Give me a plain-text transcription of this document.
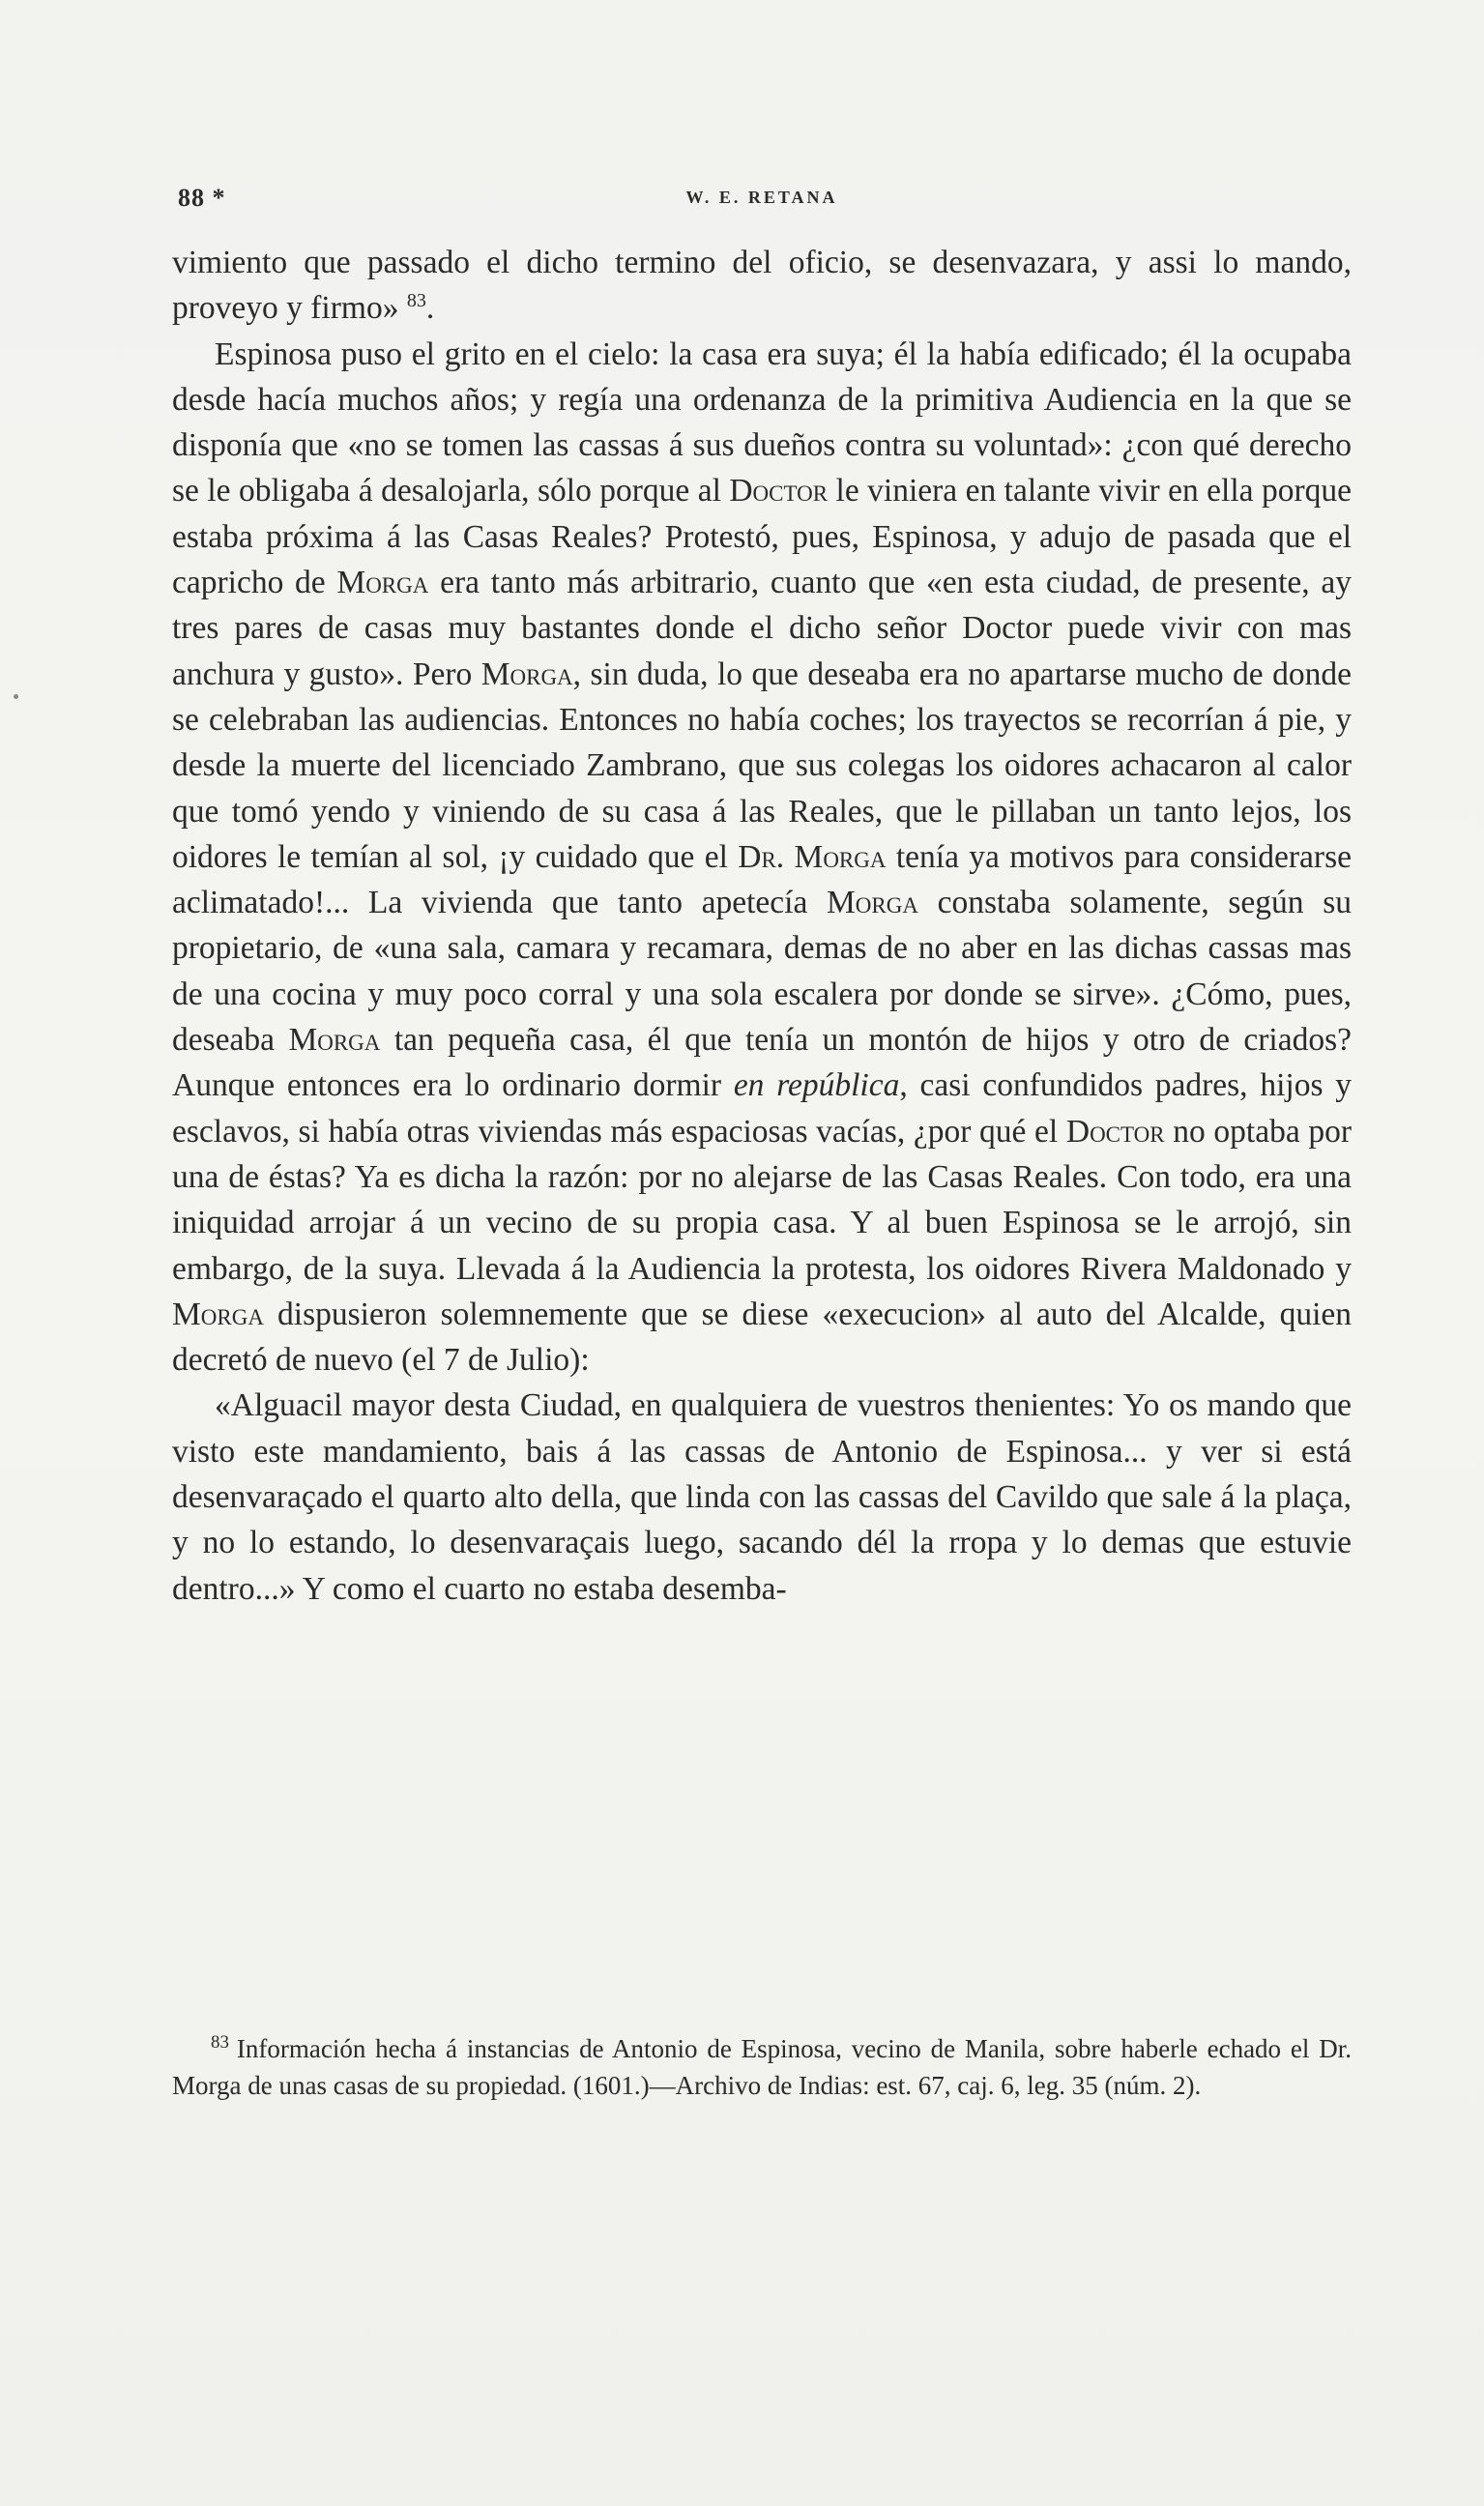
88 *	W. E. RETANA

vimiento que passado el dicho termino del oficio, se desenvazara, y assi lo mando, proveyo y firmo» $^{83}$.

Espinosa puso el grito en el cielo: la casa era suya; él la había edificado; él la ocupaba desde hacía muchos años; y regía una ordenanza de la primitiva Audiencia en la que se disponía que «no se tomen las cassas á sus dueños contra su voluntad»: ¿con qué derecho se le obligaba á desalojarla, sólo porque al Doctor le viniera en talante vivir en ella porque estaba próxima á las Casas Reales? Protestó, pues, Espinosa, y adujo de pasada que el capricho de Morga era tanto más arbitrario, cuanto que «en esta ciudad, de presente, ay tres pares de casas muy bastantes donde el dicho señor Doctor puede vivir con mas anchura y gusto». Pero Morga, sin duda, lo que deseaba era no apartarse mucho de donde se celebraban las audiencias. Entonces no había coches; los trayectos se recorrían á pie, y desde la muerte del licenciado Zambrano, que sus colegas los oidores achacaron al calor que tomó yendo y viniendo de su casa á las Reales, que le pillaban un tanto lejos, los oidores le temían al sol, ¡y cuidado que el Dr. Morga tenía ya motivos para considerarse aclimatado!... La vivienda que tanto apetecía Morga constaba solamente, según su propietario, de «una sala, camara y recamara, demas de no aber en las dichas cassas mas de una cocina y muy poco corral y una sola escalera por donde se sirve». ¿Cómo, pues, deseaba Morga tan pequeña casa, él que tenía un montón de hijos y otro de criados? Aunque entonces era lo ordinario dormir en república, casi confundidos padres, hijos y esclavos, si había otras viviendas más espaciosas vacías, ¿por qué el Doctor no optaba por una de éstas? Ya es dicha la razón: por no alejarse de las Casas Reales. Con todo, era una iniquidad arrojar á un vecino de su propia casa. Y al buen Espinosa se le arrojó, sin embargo, de la suya. Llevada á la Audiencia la protesta, los oidores Rivera Maldonado y Morga dispusieron solemnemente que se diese «execucion» al auto del Alcalde, quien decretó de nuevo (el 7 de Julio):

«Alguacil mayor desta Ciudad, en qualquiera de vuestros thenientes: Yo os mando que visto este mandamiento, bais á las cassas de Antonio de Espinosa... y ver si está desenvaraçado el quarto alto della, que linda con las cassas del Cavildo que sale á la plaça, y no lo estando, lo desenvaraçais luego, sacando dél la rropa y lo demas que estuvie dentro...» Y como el cuarto no estaba desemba-

$^{83}$ Información hecha á instancias de Antonio de Espinosa, vecino de Manila, sobre haberle echado el Dr. Morga de unas casas de su propiedad. (1601.)—Archivo de Indias: est. 67, caj. 6, leg. 35 (núm. 2).
